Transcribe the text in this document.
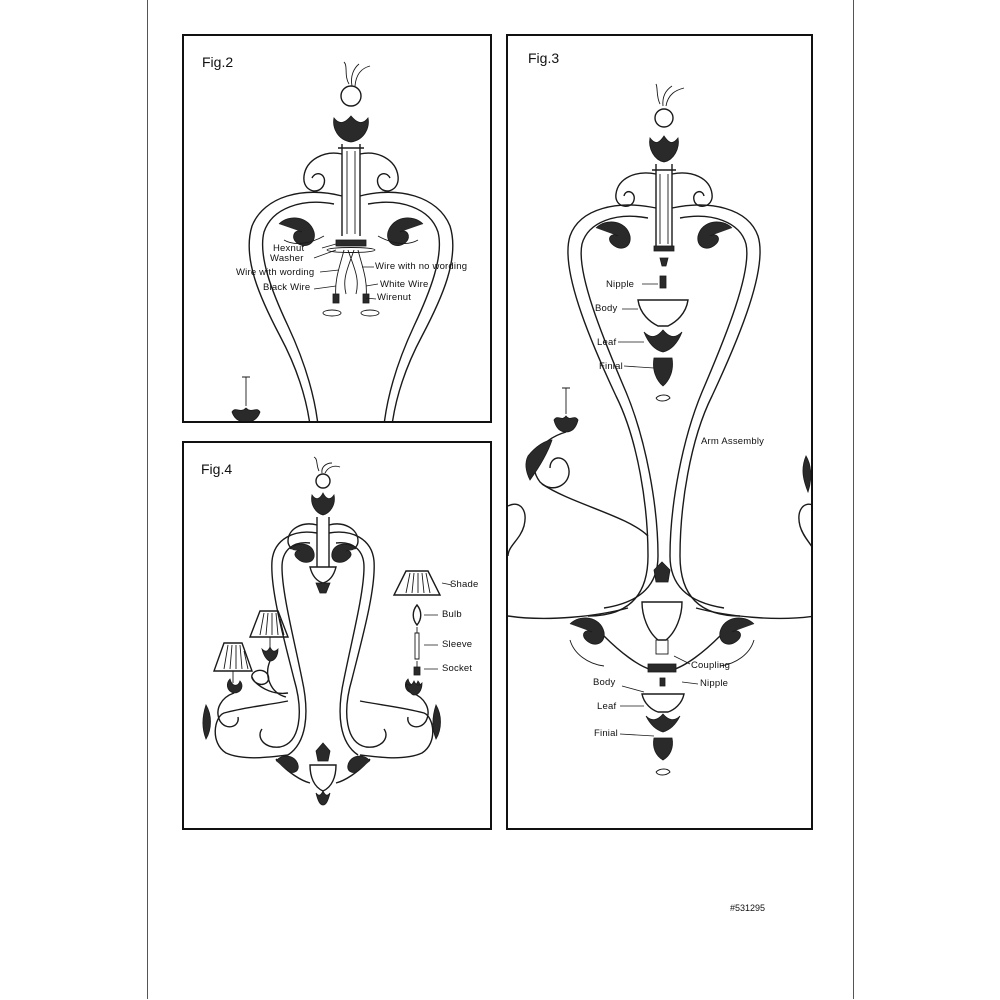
Fig.2
Hexnut
Washer
Wire with wording
Wire with no wording
Black Wire	White Wire
Wirenut
Fig.3
Nipple
Body
Leaf
Finial
Arm Assembly
Coupling
Body	Nipple
Leaf
Finial
Fig.4
Shade
Bulb
Sleeve
Socket
#531295
